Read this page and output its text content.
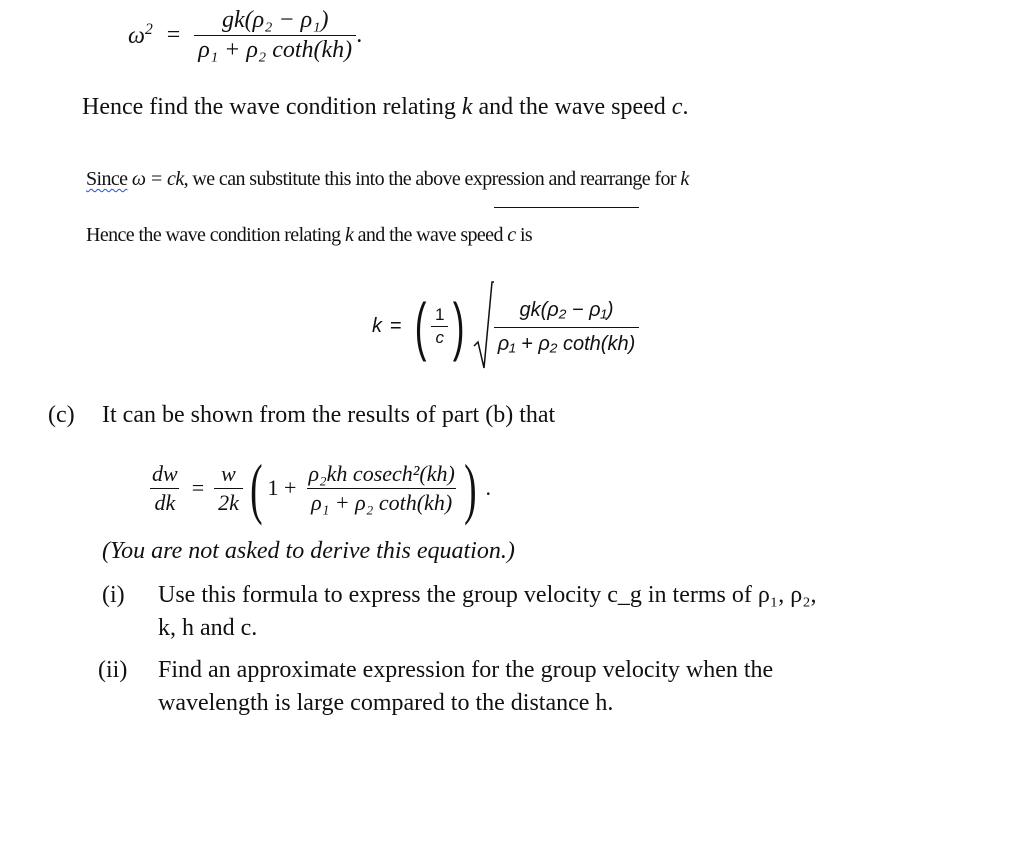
$\omega^2 = \frac{\text{gk(ρ₂ − ρ₁)}}{\text{ρ₁ + ρ₂ coth(kh)}}$ .
Hence find the wave condition relating k and the wave speed c.
Since ω = ck, we can substitute this into the above expression and rearrange for k
Hence the wave condition relating k and the wave speed c is
k = ( $\frac{1}{c}$ ) $\frac{\text{gk(ρ₂ − ρ₁)}}{\text{ρ₁ + ρ₂ coth(kh)}}$
(c) It can be shown from the results of part (b) that
$\frac{dw}{dk} = \frac{w}{2k}$ ( $1 + \frac{\text{ρ₂kh cosech²(kh)}}{\text{ρ₁ + ρ₂ coth(kh)}}$ ) .
(You are not asked to derive this equation.)
(i) Use this formula to express the group velocity c_g in terms of ρ₁, ρ₂,
k, h and c.
(ii) Find an approximate expression for the group velocity when the
wavelength is large compared to the distance h.
